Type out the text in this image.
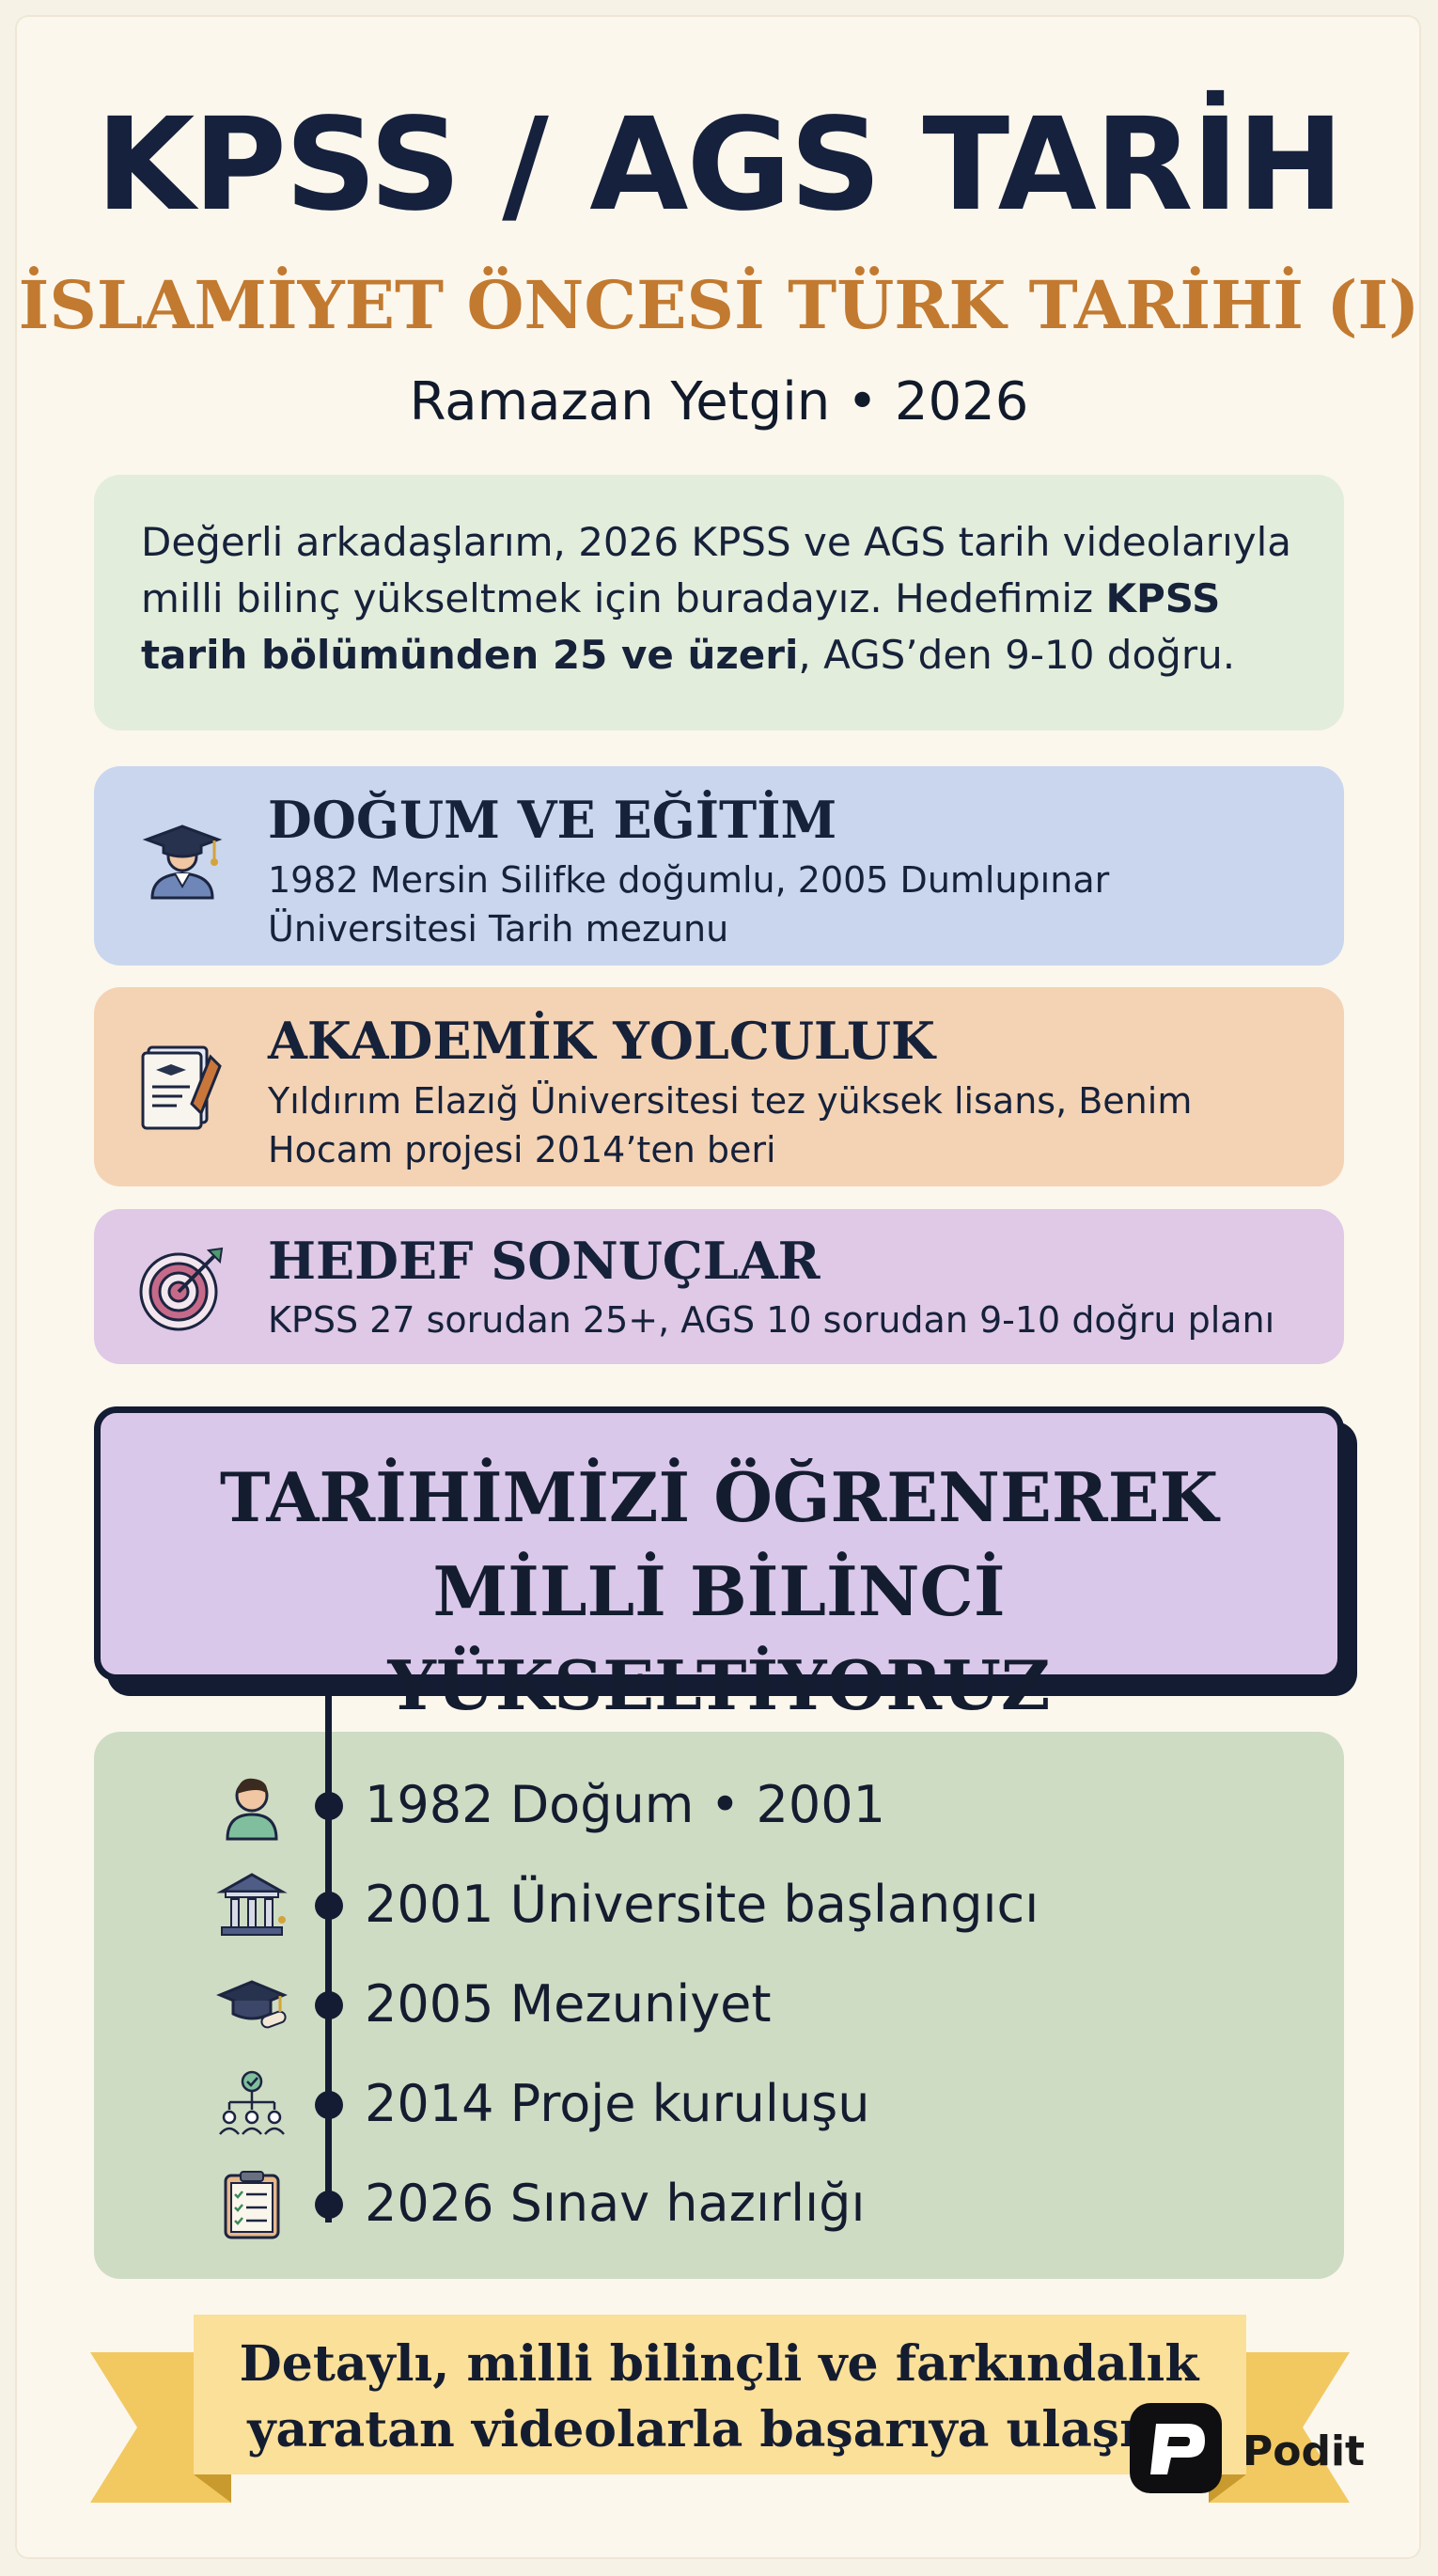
KPSS / AGS TARİH
İSLAMİYET ÖNCESİ TÜRK TARİHİ (I)
Ramazan Yetgin • 2026
Değerli arkadaşlarım, 2026 KPSS ve AGS tarih videolarıyla milli bilinç yükseltmek için buradayız. Hedefimiz KPSS tarih bölümünden 25 ve üzeri, AGS’den 9-10 doğru.
DOĞUM VE EĞİTİM
1982 Mersin Silifke doğumlu, 2005 Dumlupınar
Üniversitesi Tarih mezunu
AKADEMİK YOLCULUK
Yıldırım Elazığ Üniversitesi tez yüksek lisans, Benim
Hocam projesi 2014’ten beri
HEDEF SONUÇLAR
KPSS 27 sorudan 25+, AGS 10 sorudan 9-10 doğru planı
TARİHİMİZİ ÖĞRENEREK
MİLLİ BİLİNCİ YÜKSELTİYORUZ
1982 Doğum • 2001
2001 Üniversite başlangıcı
2005 Mezuniyet
2014 Proje kuruluşu
2026 Sınav hazırlığı
Detaylı, milli bilinçli ve farkındalık
yaratan videolarla başarıya ulaşın.	Podit
